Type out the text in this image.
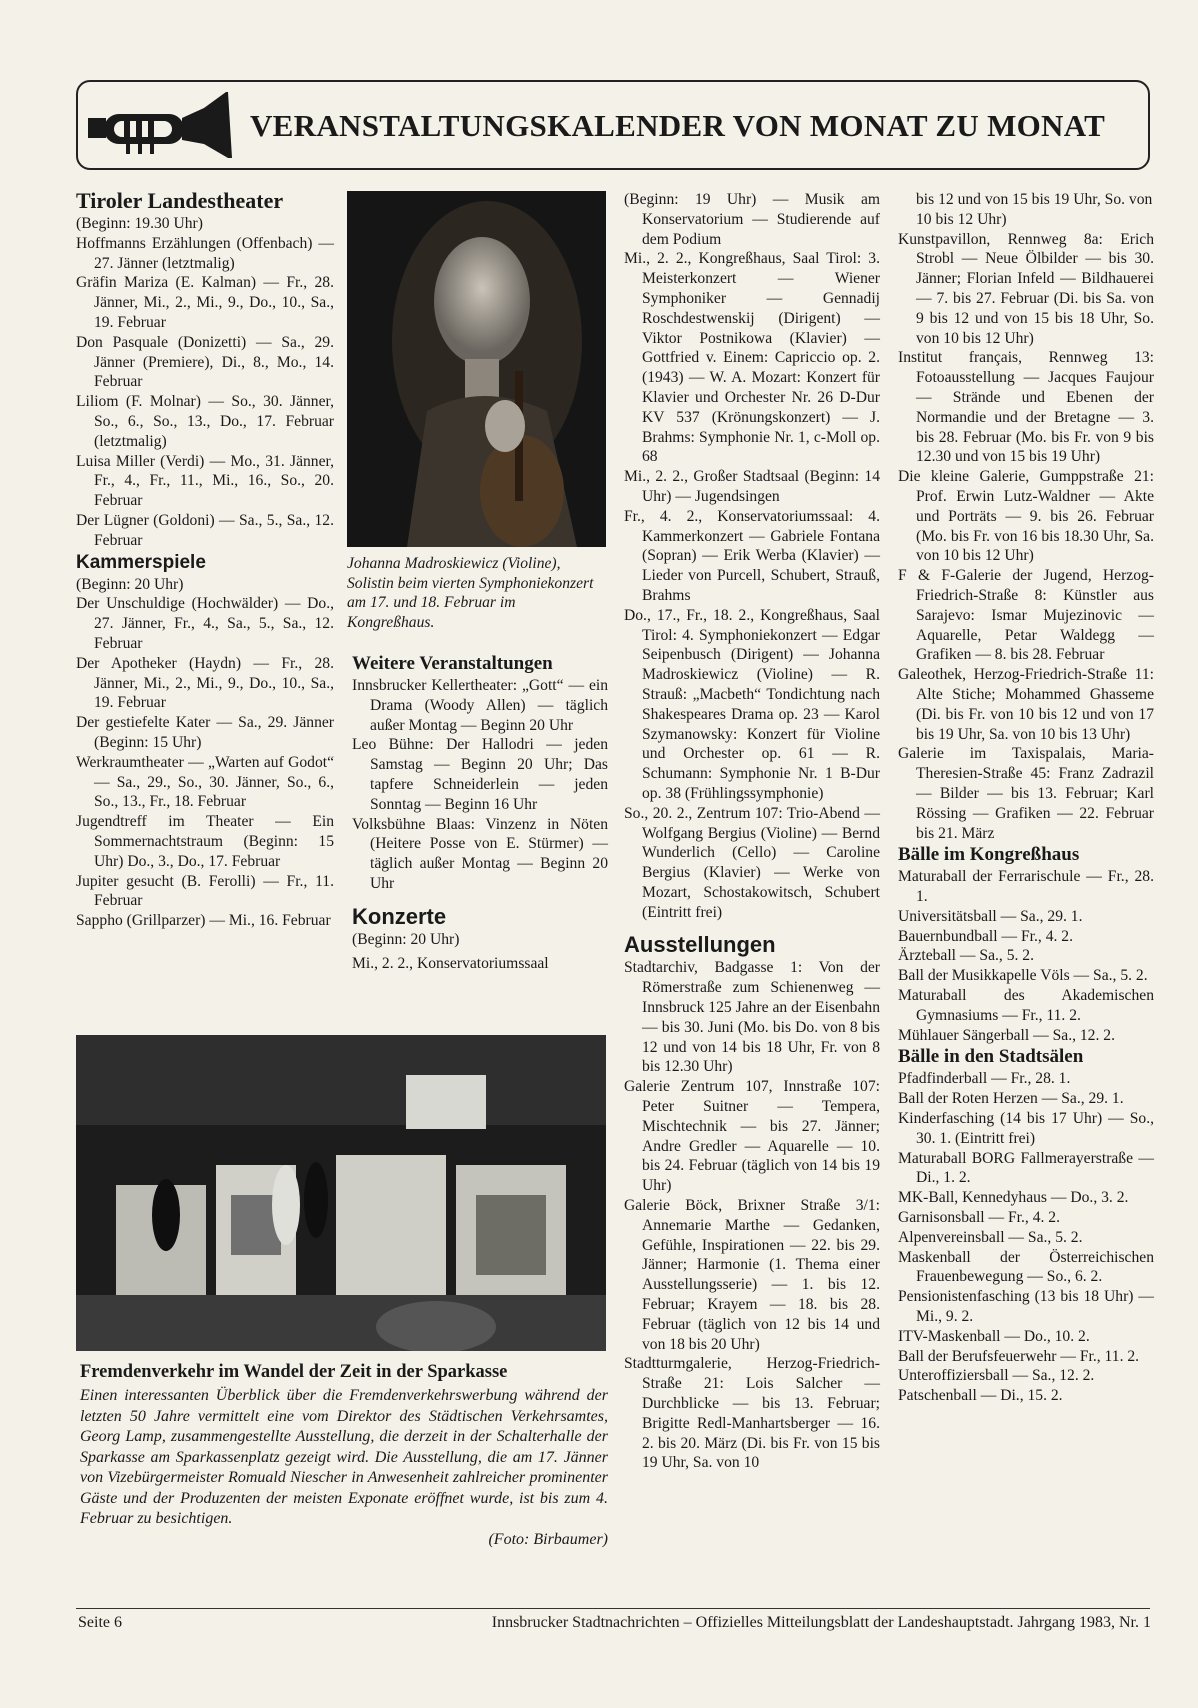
VERANSTALTUNGSKALENDER VON MONAT ZU MONAT

Tiroler Landestheater

(Beginn: 19.30 Uhr)

Hoffmanns Erzählungen (Offenbach) — 27. Jänner (letztmalig)

Gräfin Mariza (E. Kalman) — Fr., 28. Jänner, Mi., 2., Mi., 9., Do., 10., Sa., 19. Februar

Don Pasquale (Donizetti) — Sa., 29. Jänner (Premiere), Di., 8., Mo., 14. Februar

Liliom (F. Molnar) — So., 30. Jänner, So., 6., So., 13., Do., 17. Februar (letztmalig)

Luisa Miller (Verdi) — Mo., 31. Jänner, Fr., 4., Fr., 11., Mi., 16., So., 20. Februar

Der Lügner (Goldoni) — Sa., 5., Sa., 12. Februar

Kammerspiele

(Beginn: 20 Uhr)

Der Unschuldige (Hochwälder) — Do., 27. Jänner, Fr., 4., Sa., 5., Sa., 12. Februar

Der Apotheker (Haydn) — Fr., 28. Jänner, Mi., 2., Mi., 9., Do., 10., Sa., 19. Februar

Der gestiefelte Kater — Sa., 29. Jänner (Beginn: 15 Uhr)

Werkraumtheater — „Warten auf Godot“ — Sa., 29., So., 30. Jänner, So., 6., So., 13., Fr., 18. Februar

Jugendtreff im Theater — Ein Sommernachtstraum (Beginn: 15 Uhr) Do., 3., Do., 17. Februar

Jupiter gesucht (B. Ferolli) — Fr., 11. Februar

Sappho (Grillparzer) — Mi., 16. Februar

Johanna Madroskiewicz (Violine), Solistin beim vierten Symphoniekonzert am 17. und 18. Februar im Kongreßhaus.

Weitere Veranstaltungen

Innsbrucker Kellertheater: „Gott“ — ein Drama (Woody Allen) — täglich außer Montag — Beginn 20 Uhr

Leo Bühne: Der Hallodri — jeden Samstag — Beginn 20 Uhr; Das tapfere Schneiderlein — jeden Sonntag — Beginn 16 Uhr

Volksbühne Blaas: Vinzenz in Nöten (Heitere Posse von E. Stürmer) — täglich außer Montag — Beginn 20 Uhr

Konzerte

(Beginn: 20 Uhr)

Mi., 2. 2., Konservatoriumssaal

(Beginn: 19 Uhr) — Musik am Konservatorium — Studierende auf dem Podium

Mi., 2. 2., Kongreßhaus, Saal Tirol: 3. Meisterkonzert — Wiener Symphoniker — Gennadij Roschdestwenskij (Dirigent) — Viktor Postnikowa (Klavier) — Gottfried v. Einem: Capriccio op. 2. (1943) — W. A. Mozart: Konzert für Klavier und Orchester Nr. 26 D-Dur KV 537 (Krönungskonzert) — J. Brahms: Symphonie Nr. 1, c-Moll op. 68

Mi., 2. 2., Großer Stadtsaal (Beginn: 14 Uhr) — Jugendsingen

Fr., 4. 2., Konservatoriumssaal: 4. Kammerkonzert — Gabriele Fontana (Sopran) — Erik Werba (Klavier) — Lieder von Purcell, Schubert, Strauß, Brahms

Do., 17., Fr., 18. 2., Kongreßhaus, Saal Tirol: 4. Symphoniekonzert — Edgar Seipenbusch (Dirigent) — Johanna Madroskiewicz (Violine) — R. Strauß: „Macbeth“ Tondichtung nach Shakespeares Drama op. 23 — Karol Szymanowsky: Konzert für Violine und Orchester op. 61 — R. Schumann: Symphonie Nr. 1 B-Dur op. 38 (Frühlingssymphonie)

So., 20. 2., Zentrum 107: Trio-Abend — Wolfgang Bergius (Violine) — Bernd Wunderlich (Cello) — Caroline Bergius (Klavier) — Werke von Mozart, Schostakowitsch, Schubert (Eintritt frei)

Ausstellungen

Stadtarchiv, Badgasse 1: Von der Römerstraße zum Schienenweg — Innsbruck 125 Jahre an der Eisenbahn — bis 30. Juni (Mo. bis Do. von 8 bis 12 und von 14 bis 18 Uhr, Fr. von 8 bis 12.30 Uhr)

Galerie Zentrum 107, Innstraße 107: Peter Suitner — Tempera, Mischtechnik — bis 27. Jänner; Andre Gredler — Aquarelle — 10. bis 24. Februar (täglich von 14 bis 19 Uhr)

Galerie Böck, Brixner Straße 3/1: Annemarie Marthe — Gedanken, Gefühle, Inspirationen — 22. bis 29. Jänner; Harmonie (1. Thema einer Ausstellungsserie) — 1. bis 12. Februar; Krayem — 18. bis 28. Februar (täglich von 12 bis 14 und von 18 bis 20 Uhr)

Stadtturmgalerie, Herzog-Friedrich-Straße 21: Lois Salcher — Durchblicke — bis 13. Februar; Brigitte Redl-Manhartsberger — 16. 2. bis 20. März (Di. bis Fr. von 15 bis 19 Uhr, Sa. von 10

bis 12 und von 15 bis 19 Uhr, So. von 10 bis 12 Uhr)

Kunstpavillon, Rennweg 8a: Erich Strobl — Neue Ölbilder — bis 30. Jänner; Florian Infeld — Bildhauerei — 7. bis 27. Februar (Di. bis Sa. von 9 bis 12 und von 15 bis 18 Uhr, So. von 10 bis 12 Uhr)

Institut français, Rennweg 13: Fotoausstellung — Jacques Faujour — Strände und Ebenen der Normandie und der Bretagne — 3. bis 28. Februar (Mo. bis Fr. von 9 bis 12.30 und von 15 bis 19 Uhr)

Die kleine Galerie, Gumppstraße 21: Prof. Erwin Lutz-Waldner — Akte und Porträts — 9. bis 26. Februar (Mo. bis Fr. von 16 bis 18.30 Uhr, Sa. von 10 bis 12 Uhr)

F & F-Galerie der Jugend, Herzog-Friedrich-Straße 8: Künstler aus Sarajevo: Ismar Mujezinovic — Aquarelle, Petar Waldegg — Grafiken — 8. bis 28. Februar

Galeothek, Herzog-Friedrich-Straße 11: Alte Stiche; Mohammed Ghasseme (Di. bis Fr. von 10 bis 12 und von 17 bis 19 Uhr, Sa. von 10 bis 13 Uhr)

Galerie im Taxispalais, Maria-Theresien-Straße 45: Franz Zadrazil — Bilder — bis 13. Februar; Karl Rössing — Grafiken — 22. Februar bis 21. März

Bälle im Kongreßhaus

Maturaball der Ferrarischule — Fr., 28. 1.

Universitätsball — Sa., 29. 1.

Bauernbundball — Fr., 4. 2.

Ärzteball — Sa., 5. 2.

Ball der Musikkapelle Völs — Sa., 5. 2.

Maturaball des Akademischen Gymnasiums — Fr., 11. 2.

Mühlauer Sängerball — Sa., 12. 2.

Bälle in den Stadtsälen

Pfadfinderball — Fr., 28. 1.

Ball der Roten Herzen — Sa., 29. 1.

Kinderfasching (14 bis 17 Uhr) — So., 30. 1. (Eintritt frei)

Maturaball BORG Fallmerayerstraße — Di., 1. 2.

MK-Ball, Kennedyhaus — Do., 3. 2.

Garnisonsball — Fr., 4. 2.

Alpenvereinsball — Sa., 5. 2.

Maskenball der Österreichischen Frauenbewegung — So., 6. 2.

Pensionistenfasching (13 bis 18 Uhr) — Mi., 9. 2.

ITV-Maskenball — Do., 10. 2.

Ball der Berufsfeuerwehr — Fr., 11. 2.

Unteroffiziersball — Sa., 12. 2.

Patschenball — Di., 15. 2.

Fremdenverkehr im Wandel der Zeit in der Sparkasse
Einen interessanten Überblick über die Fremdenverkehrswerbung während der letzten 50 Jahre vermittelt eine vom Direktor des Städtischen Verkehrsamtes, Georg Lamp, zusammengestellte Ausstellung, die derzeit in der Schalterhalle der Sparkasse am Sparkassenplatz gezeigt wird. Die Ausstellung, die am 17. Jänner von Vizebürgermeister Romuald Niescher in Anwesenheit zahlreicher prominenter Gäste und der Produzenten der meisten Exponate eröffnet wurde, ist bis zum 4. Februar zu besichtigen.
(Foto: Birbaumer)
Seite 6	Innsbrucker Stadtnachrichten – Offizielles Mitteilungsblatt der Landeshauptstadt. Jahrgang 1983, Nr. 1
